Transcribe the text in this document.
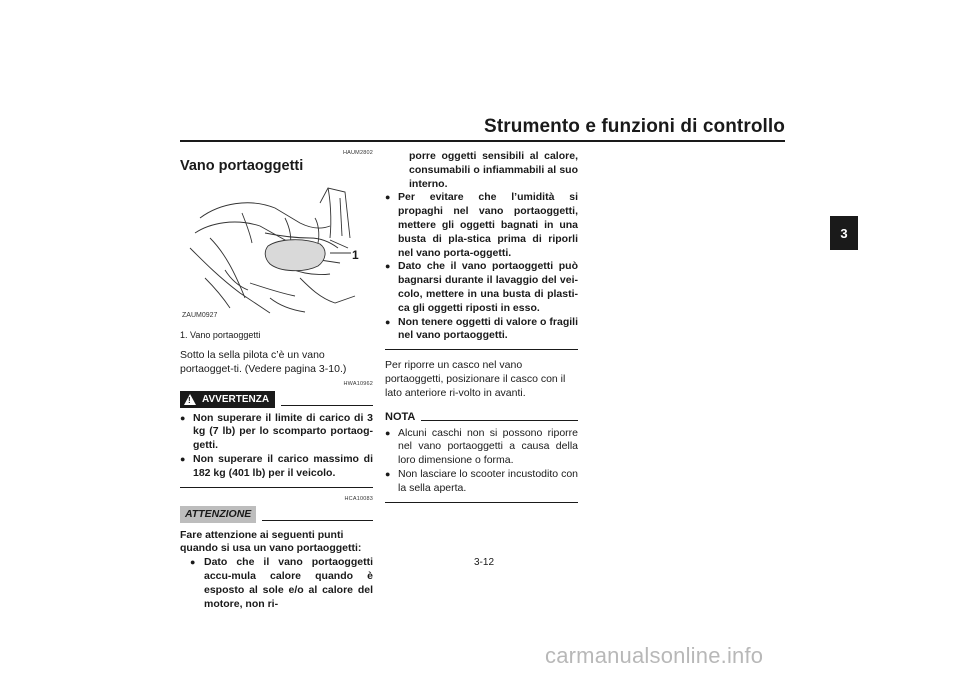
Strumento e funzioni di controllo
3
HAUM2802
Vano portaoggetti
1
ZAUM0927
1. Vano portaoggetti
Sotto la sella pilota c’è un vano portaogget-ti. (Vedere pagina 3-10.)
HWA10962
! AVVERTENZA
● Non superare il limite di carico di 3 kg (7 lb) per lo scomparto portaog-getti.
● Non superare il carico massimo di 182 kg (401 lb) per il veicolo.
HCA10083
ATTENZIONE
Fare attenzione ai seguenti punti quando si usa un vano portaoggetti:
● Dato che il vano portaoggetti accu-mula calore quando è esposto al sole e/o al calore del motore, non ri-
porre oggetti sensibili al calore, consumabili o infiammabili al suo interno.
● Per evitare che l’umidità si propaghi nel vano portaoggetti, mettere gli oggetti bagnati in una busta di pla-stica prima di riporli nel vano porta-oggetti.
● Dato che il vano portaoggetti può bagnarsi durante il lavaggio del vei-colo, mettere in una busta di plasti-ca gli oggetti riposti in esso.
● Non tenere oggetti di valore o fragili nel vano portaoggetti.
Per riporre un casco nel vano portaoggetti, posizionare il casco con il lato anteriore ri-volto in avanti.
NOTA
● Alcuni caschi non si possono riporre nel vano portaoggetti a causa della loro dimensione o forma.
● Non lasciare lo scooter incustodito con la sella aperta.
3-12
carmanualsonline.info
